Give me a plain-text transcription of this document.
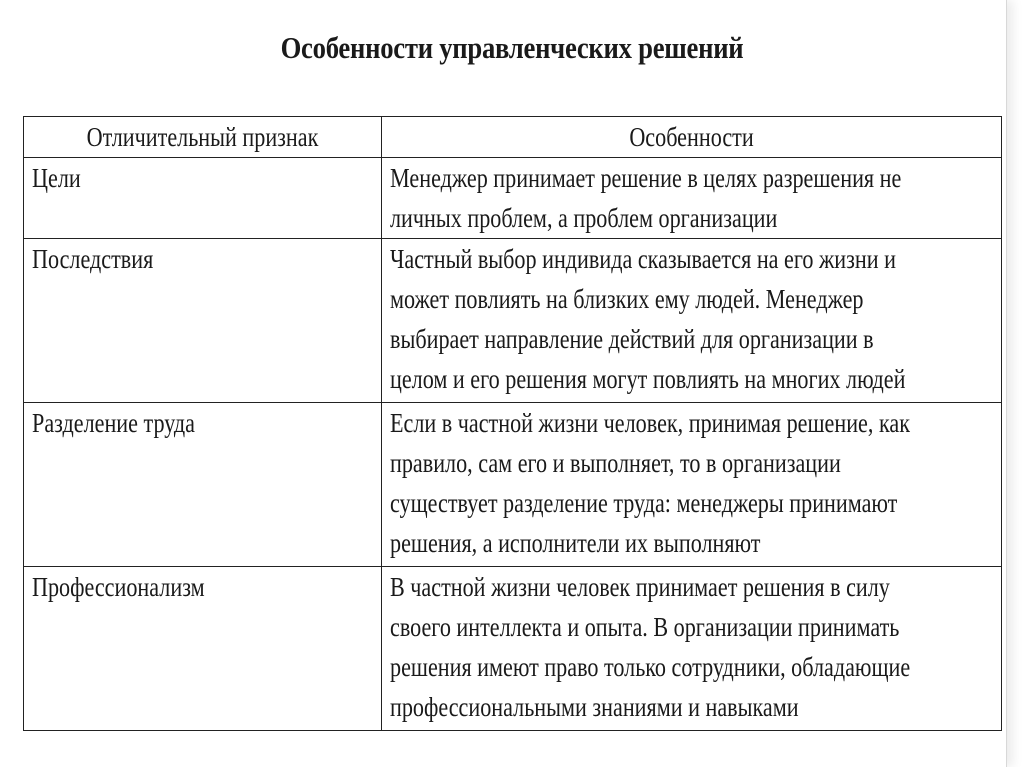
Особенности управленческих решений
Отличительный признак	Особенности

Цели	Менеджер принимает решение в целях разрешения не
личных проблем, а проблем организации

Последствия	Частный выбор индивида сказывается на его жизни и
может повлиять на близких ему людей. Менеджер
выбирает направление действий для организации в
целом и его решения могут повлиять на многих людей

Разделение труда	Если в частной жизни человек, принимая решение, как
правило, сам его и выполняет, то в организации
существует разделение труда: менеджеры принимают
решения, а исполнители их выполняют

Профессионализм	В частной жизни человек принимает решения в силу
своего интеллекта и опыта. В организации принимать
решения имеют право только сотрудники, обладающие
профессиональными знаниями и навыками
